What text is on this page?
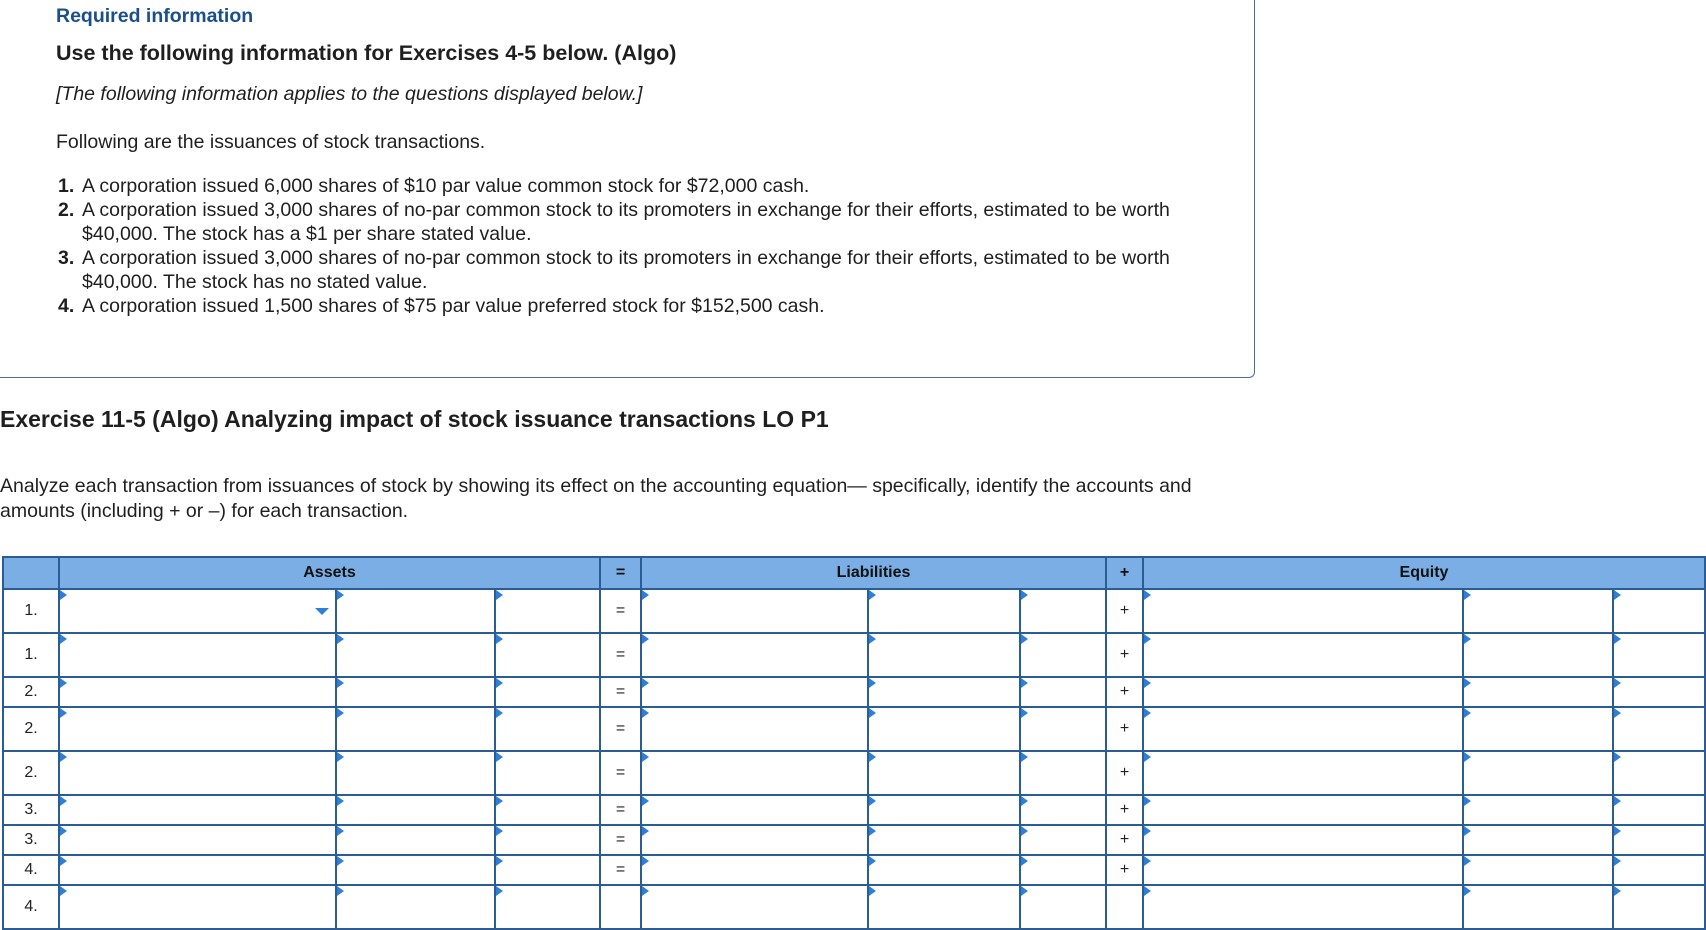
Required information
Use the following information for Exercises 4-5 below. (Algo)
[The following information applies to the questions displayed below.]
Following are the issuances of stock transactions.
1. A corporation issued 6,000 shares of $10 par value common stock for $72,000 cash.
2. A corporation issued 3,000 shares of no-par common stock to its promoters in exchange for their efforts, estimated to be worth $40,000. The stock has a $1 per share stated value.
3. A corporation issued 3,000 shares of no-par common stock to its promoters in exchange for their efforts, estimated to be worth $40,000. The stock has no stated value.
4. A corporation issued 1,500 shares of $75 par value preferred stock for $152,500 cash.
Exercise 11-5 (Algo) Analyzing impact of stock issuance transactions LO P1
Analyze each transaction from issuances of stock by showing its effect on the accounting equation— specifically, identify the accounts and amounts (including + or –) for each transaction.
	Assets			=	Liabilities			+	Equity		
1.				=				+			
1.				=				+			
2.				=				+			
2.				=				+			
2.				=				+			
3.				=				+			
3.				=				+			
4.				=				+			
4.											
